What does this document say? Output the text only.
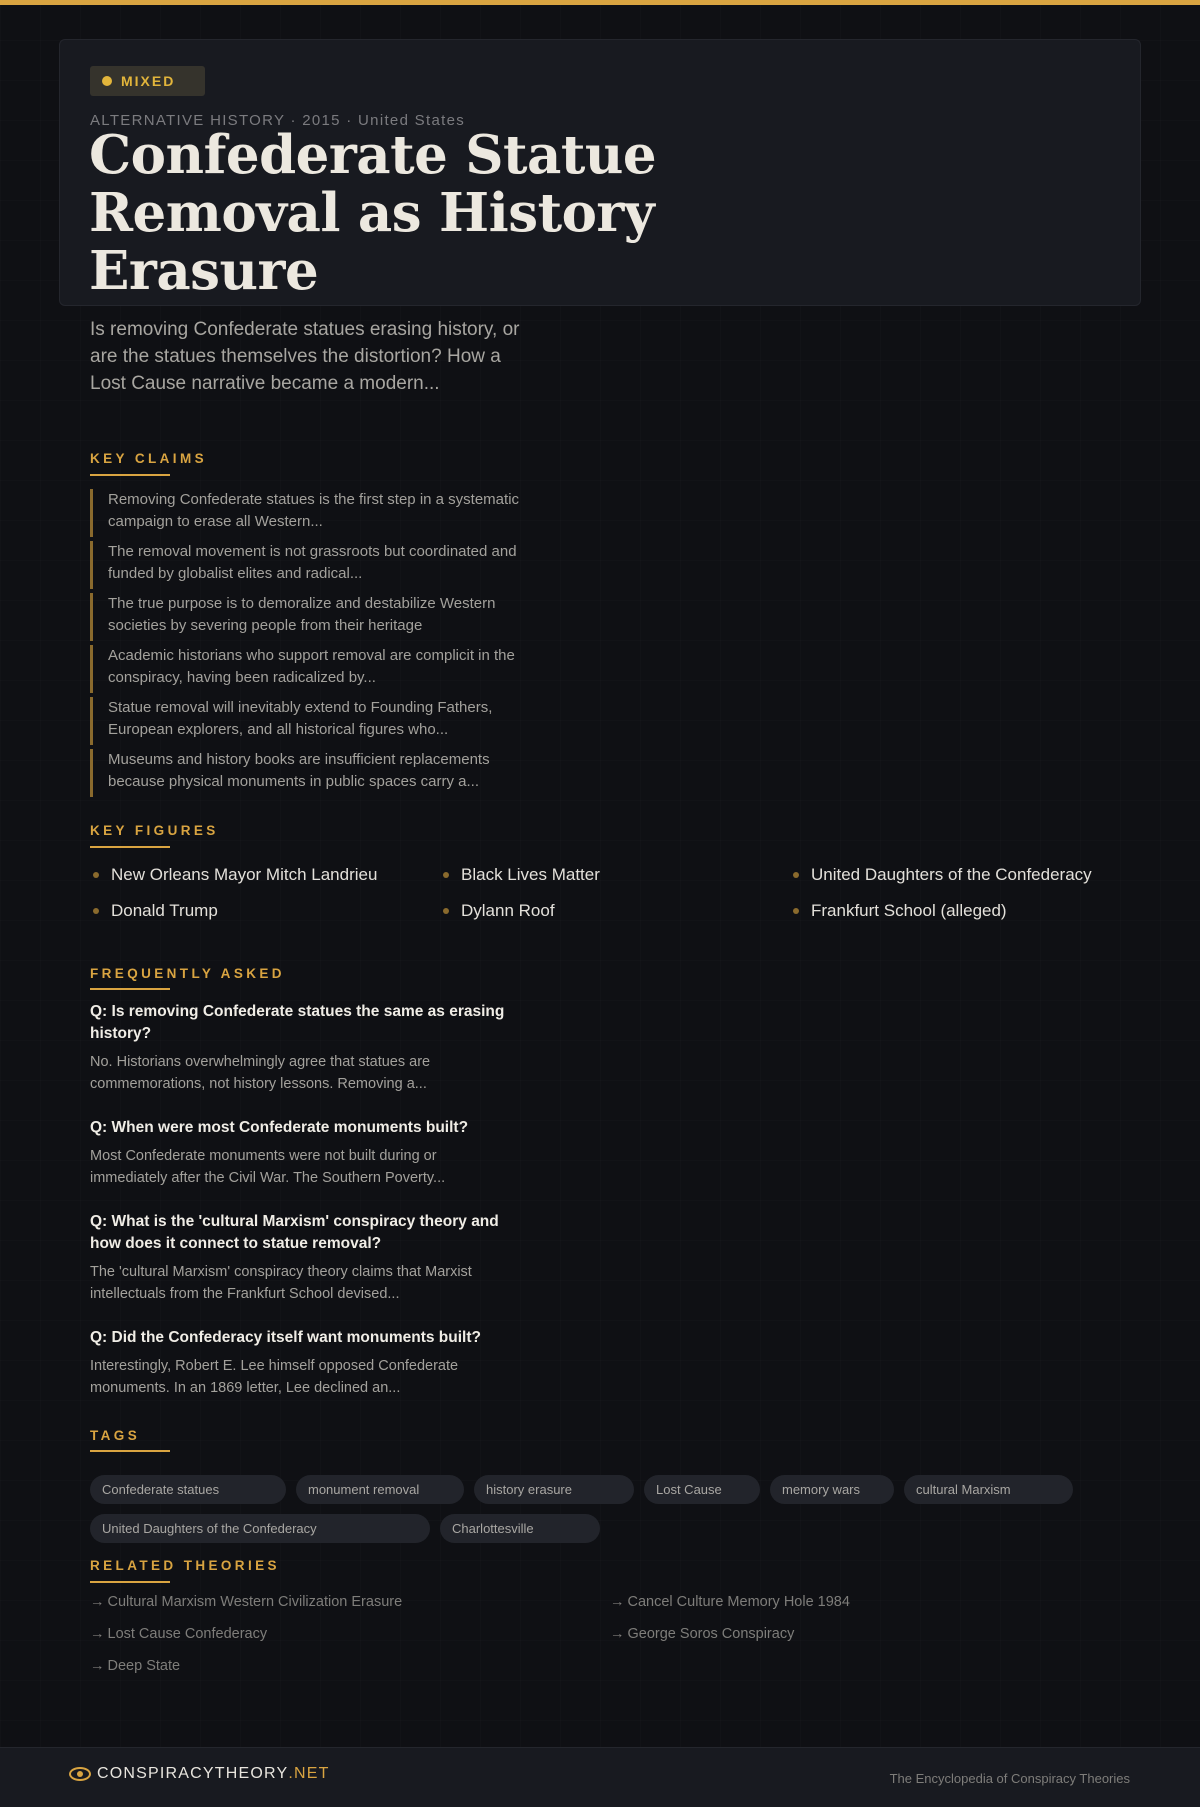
MIXED
ALTERNATIVE HISTORY · 2015 · United States
Confederate Statue Removal as History Erasure

Is removing Confederate statues erasing history, or are the statues themselves the distortion? How a Lost Cause narrative became a modern...

KEY CLAIMS
Removing Confederate statues is the first step in a systematic campaign to erase all Western...
The removal movement is not grassroots but coordinated and funded by globalist elites and radical...
The true purpose is to demoralize and destabilize Western societies by severing people from their heritage
Academic historians who support removal are complicit in the conspiracy, having been radicalized by...
Statue removal will inevitably extend to Founding Fathers, European explorers, and all historical figures who...
Museums and history books are insufficient replacements because physical monuments in public spaces carry a...
KEY FIGURES
New Orleans Mayor Mitch Landrieu	Black Lives Matter	United Daughters of the Confederacy
Donald Trump	Dylann Roof	Frankfurt School (alleged)
FREQUENTLY ASKED
Q: Is removing Confederate statues the same as erasing history?
No. Historians overwhelmingly agree that statues are commemorations, not history lessons. Removing a...
Q: When were most Confederate monuments built?
Most Confederate monuments were not built during or immediately after the Civil War. The Southern Poverty...
Q: What is the 'cultural Marxism' conspiracy theory and how does it connect to statue removal?
The 'cultural Marxism' conspiracy theory claims that Marxist intellectuals from the Frankfurt School devised...
Q: Did the Confederacy itself want monuments built?
Interestingly, Robert E. Lee himself opposed Confederate monuments. In an 1869 letter, Lee declined an...
TAGS
Confederate statues	monument removal	history erasure	Lost Cause	memory wars	cultural Marxism
United Daughters of the Confederacy	Charlottesville
RELATED THEORIES
→ Cultural Marxism Western Civilization Erasure	→ Cancel Culture Memory Hole 1984
→ Lost Cause Confederacy	→ George Soros Conspiracy
→ Deep State
CONSPIRACYTHEORY .NET	The Encyclopedia of Conspiracy Theories
